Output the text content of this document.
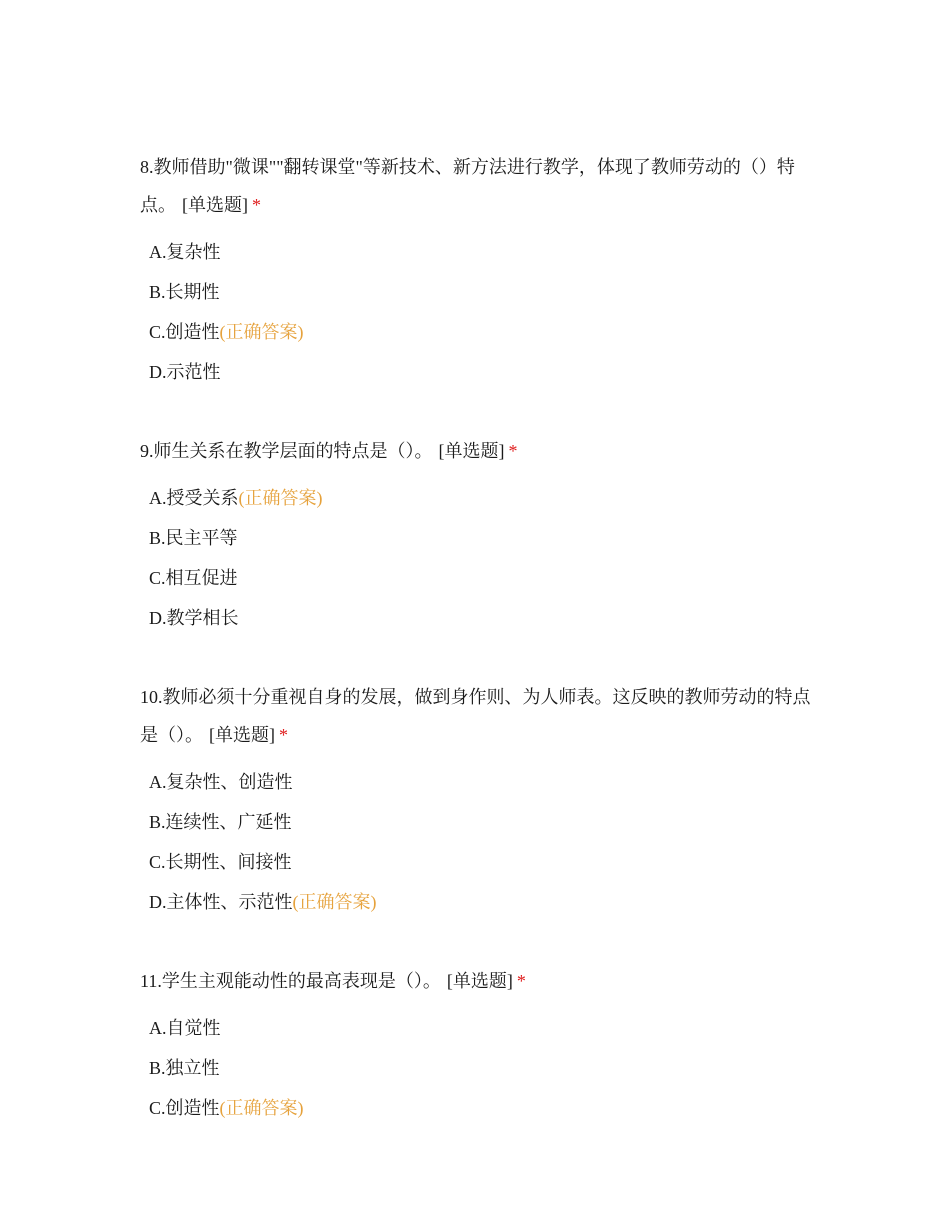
8.教师借助"微课""翻转课堂"等新技术、新方法进行教学，体现了教师劳动的（）特点。 [单选题] *

A.复杂性
B.长期性
C.创造性(正确答案)
D.示范性

9.师生关系在教学层面的特点是（）。 [单选题] *

A.授受关系(正确答案)
B.民主平等
C.相互促进
D.教学相长

10.教师必须十分重视自身的发展，做到身作则、为人师表。这反映的教师劳动的特点是（）。 [单选题] *

A.复杂性、创造性
B.连续性、广延性
C.长期性、间接性
D.主体性、示范性(正确答案)

11.学生主观能动性的最高表现是（）。 [单选题] *

A.自觉性
B.独立性
C.创造性(正确答案)
